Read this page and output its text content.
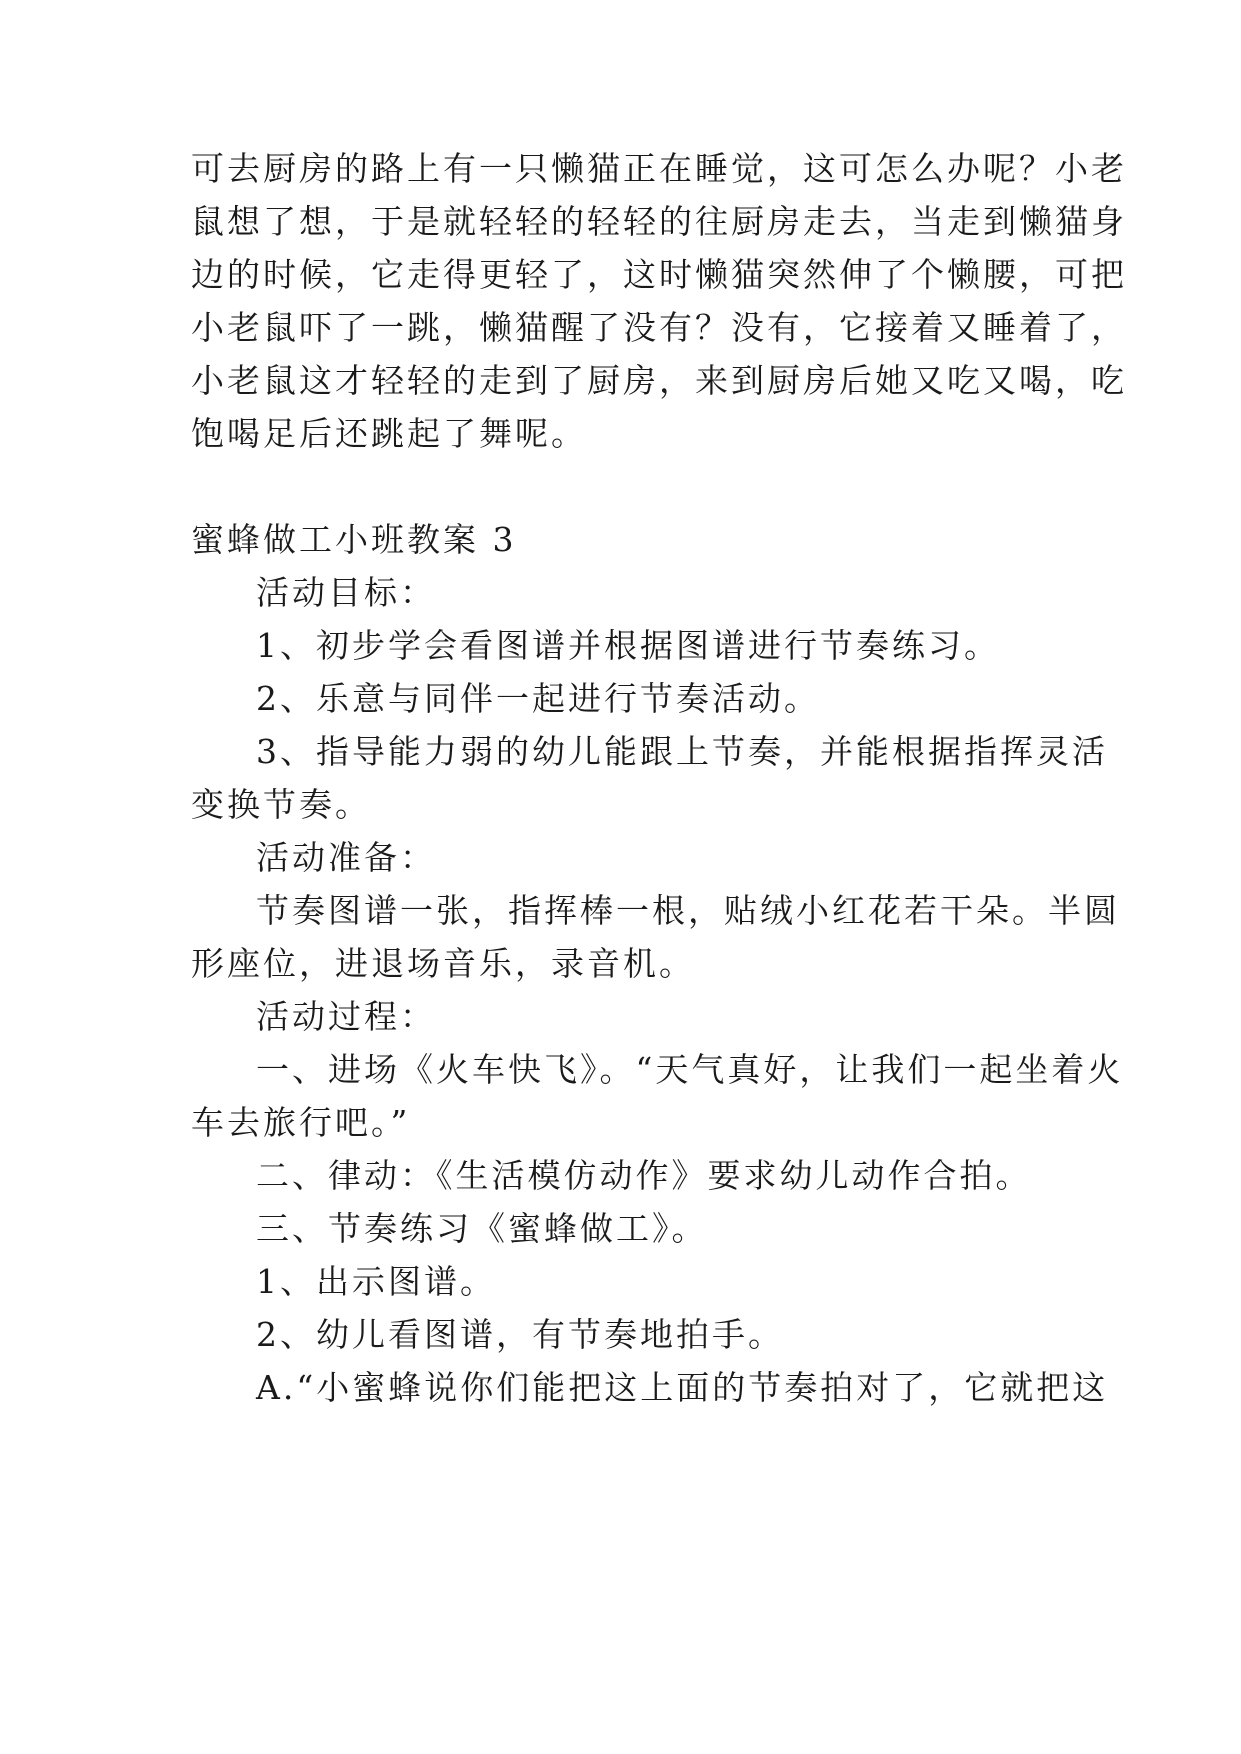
可去厨房的路上有一只懒猫正在睡觉，这可怎么办呢？小老
鼠想了想，于是就轻轻的轻轻的往厨房走去，当走到懒猫身
边的时候，它走得更轻了，这时懒猫突然伸了个懒腰，可把
小老鼠吓了一跳，懒猫醒了没有？没有，它接着又睡着了，
小老鼠这才轻轻的走到了厨房，来到厨房后她又吃又喝，吃
饱喝足后还跳起了舞呢。
蜜蜂做工小班教案 3
活动目标：
1、初步学会看图谱并根据图谱进行节奏练习。
2、乐意与同伴一起进行节奏活动。
3、指导能力弱的幼儿能跟上节奏，并能根据指挥灵活
变换节奏。
活动准备：
节奏图谱一张，指挥棒一根，贴绒小红花若干朵。半圆
形座位，进退场音乐，录音机。
活动过程：
一、进场《火车快飞》。“天气真好，让我们一起坐着火
车去旅行吧。”
二、律动：《生活模仿动作》要求幼儿动作合拍。
三、节奏练习《蜜蜂做工》。
1、出示图谱。
2、幼儿看图谱，有节奏地拍手。
A.“小蜜蜂说你们能把这上面的节奏拍对了，它就把这
